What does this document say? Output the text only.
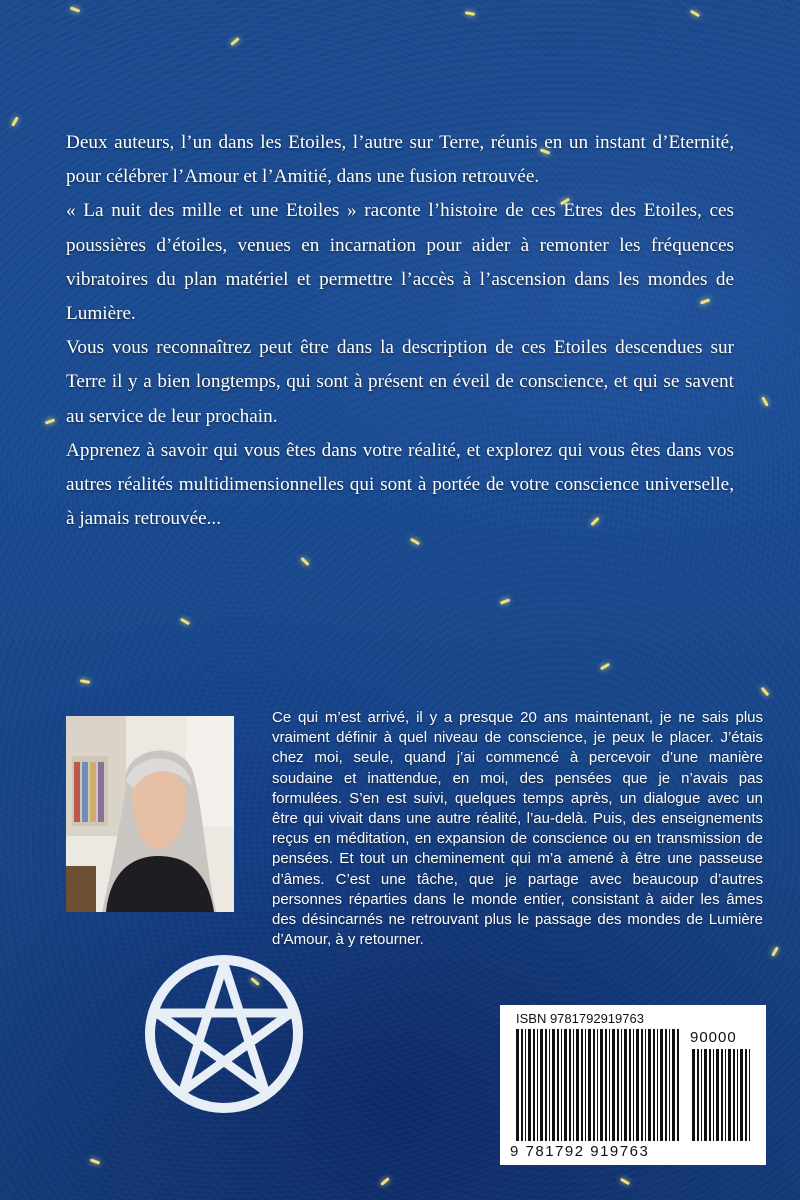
Deux auteurs, l’un dans les Etoiles, l’autre sur Terre, réunis en un instant d’Eternité, pour célébrer l’Amour et l’Amitié, dans une fusion retrouvée.

« La nuit des mille et une Etoiles » raconte l’histoire de ces Etres des Etoiles, ces poussières d’étoiles, venues en incarnation pour aider à remonter les fréquences vibratoires du plan matériel et permettre l’accès à l’ascension dans les mondes de Lumière.

Vous vous reconnaîtrez peut être dans la description de ces Etoiles descendues sur Terre il y a bien longtemps, qui sont à présent en éveil de conscience, et qui se savent au service de leur prochain.

Apprenez à savoir qui vous êtes dans votre réalité, et explorez qui vous êtes dans vos autres réalités multidimensionnelles qui sont à portée de votre conscience universelle, à jamais retrouvée...

Ce qui m’est arrivé, il y a presque 20 ans maintenant, je ne sais plus vraiment définir à quel niveau de conscience, je peux le placer. J’étais chez moi, seule, quand j’ai commencé à percevoir d’une manière soudaine et inattendue, en moi, des pensées que je n’avais pas formulées. S’en est suivi, quelques temps après, un dialogue avec un être qui vivait dans une autre réalité, l’au-delà. Puis, des enseignements reçus en méditation, en expansion de conscience ou en transmission de pensées. Et tout un cheminement qui m’a amené à être une passeuse d’âmes. C’est une tâche, que je partage avec beaucoup d’autres personnes réparties dans le monde entier, consistant à aider les âmes des désincarnés ne retrouvant plus le passage des mondes de Lumière d’Amour, à y retourner.
ISBN 9781792919763
90000
9 781792 919763
